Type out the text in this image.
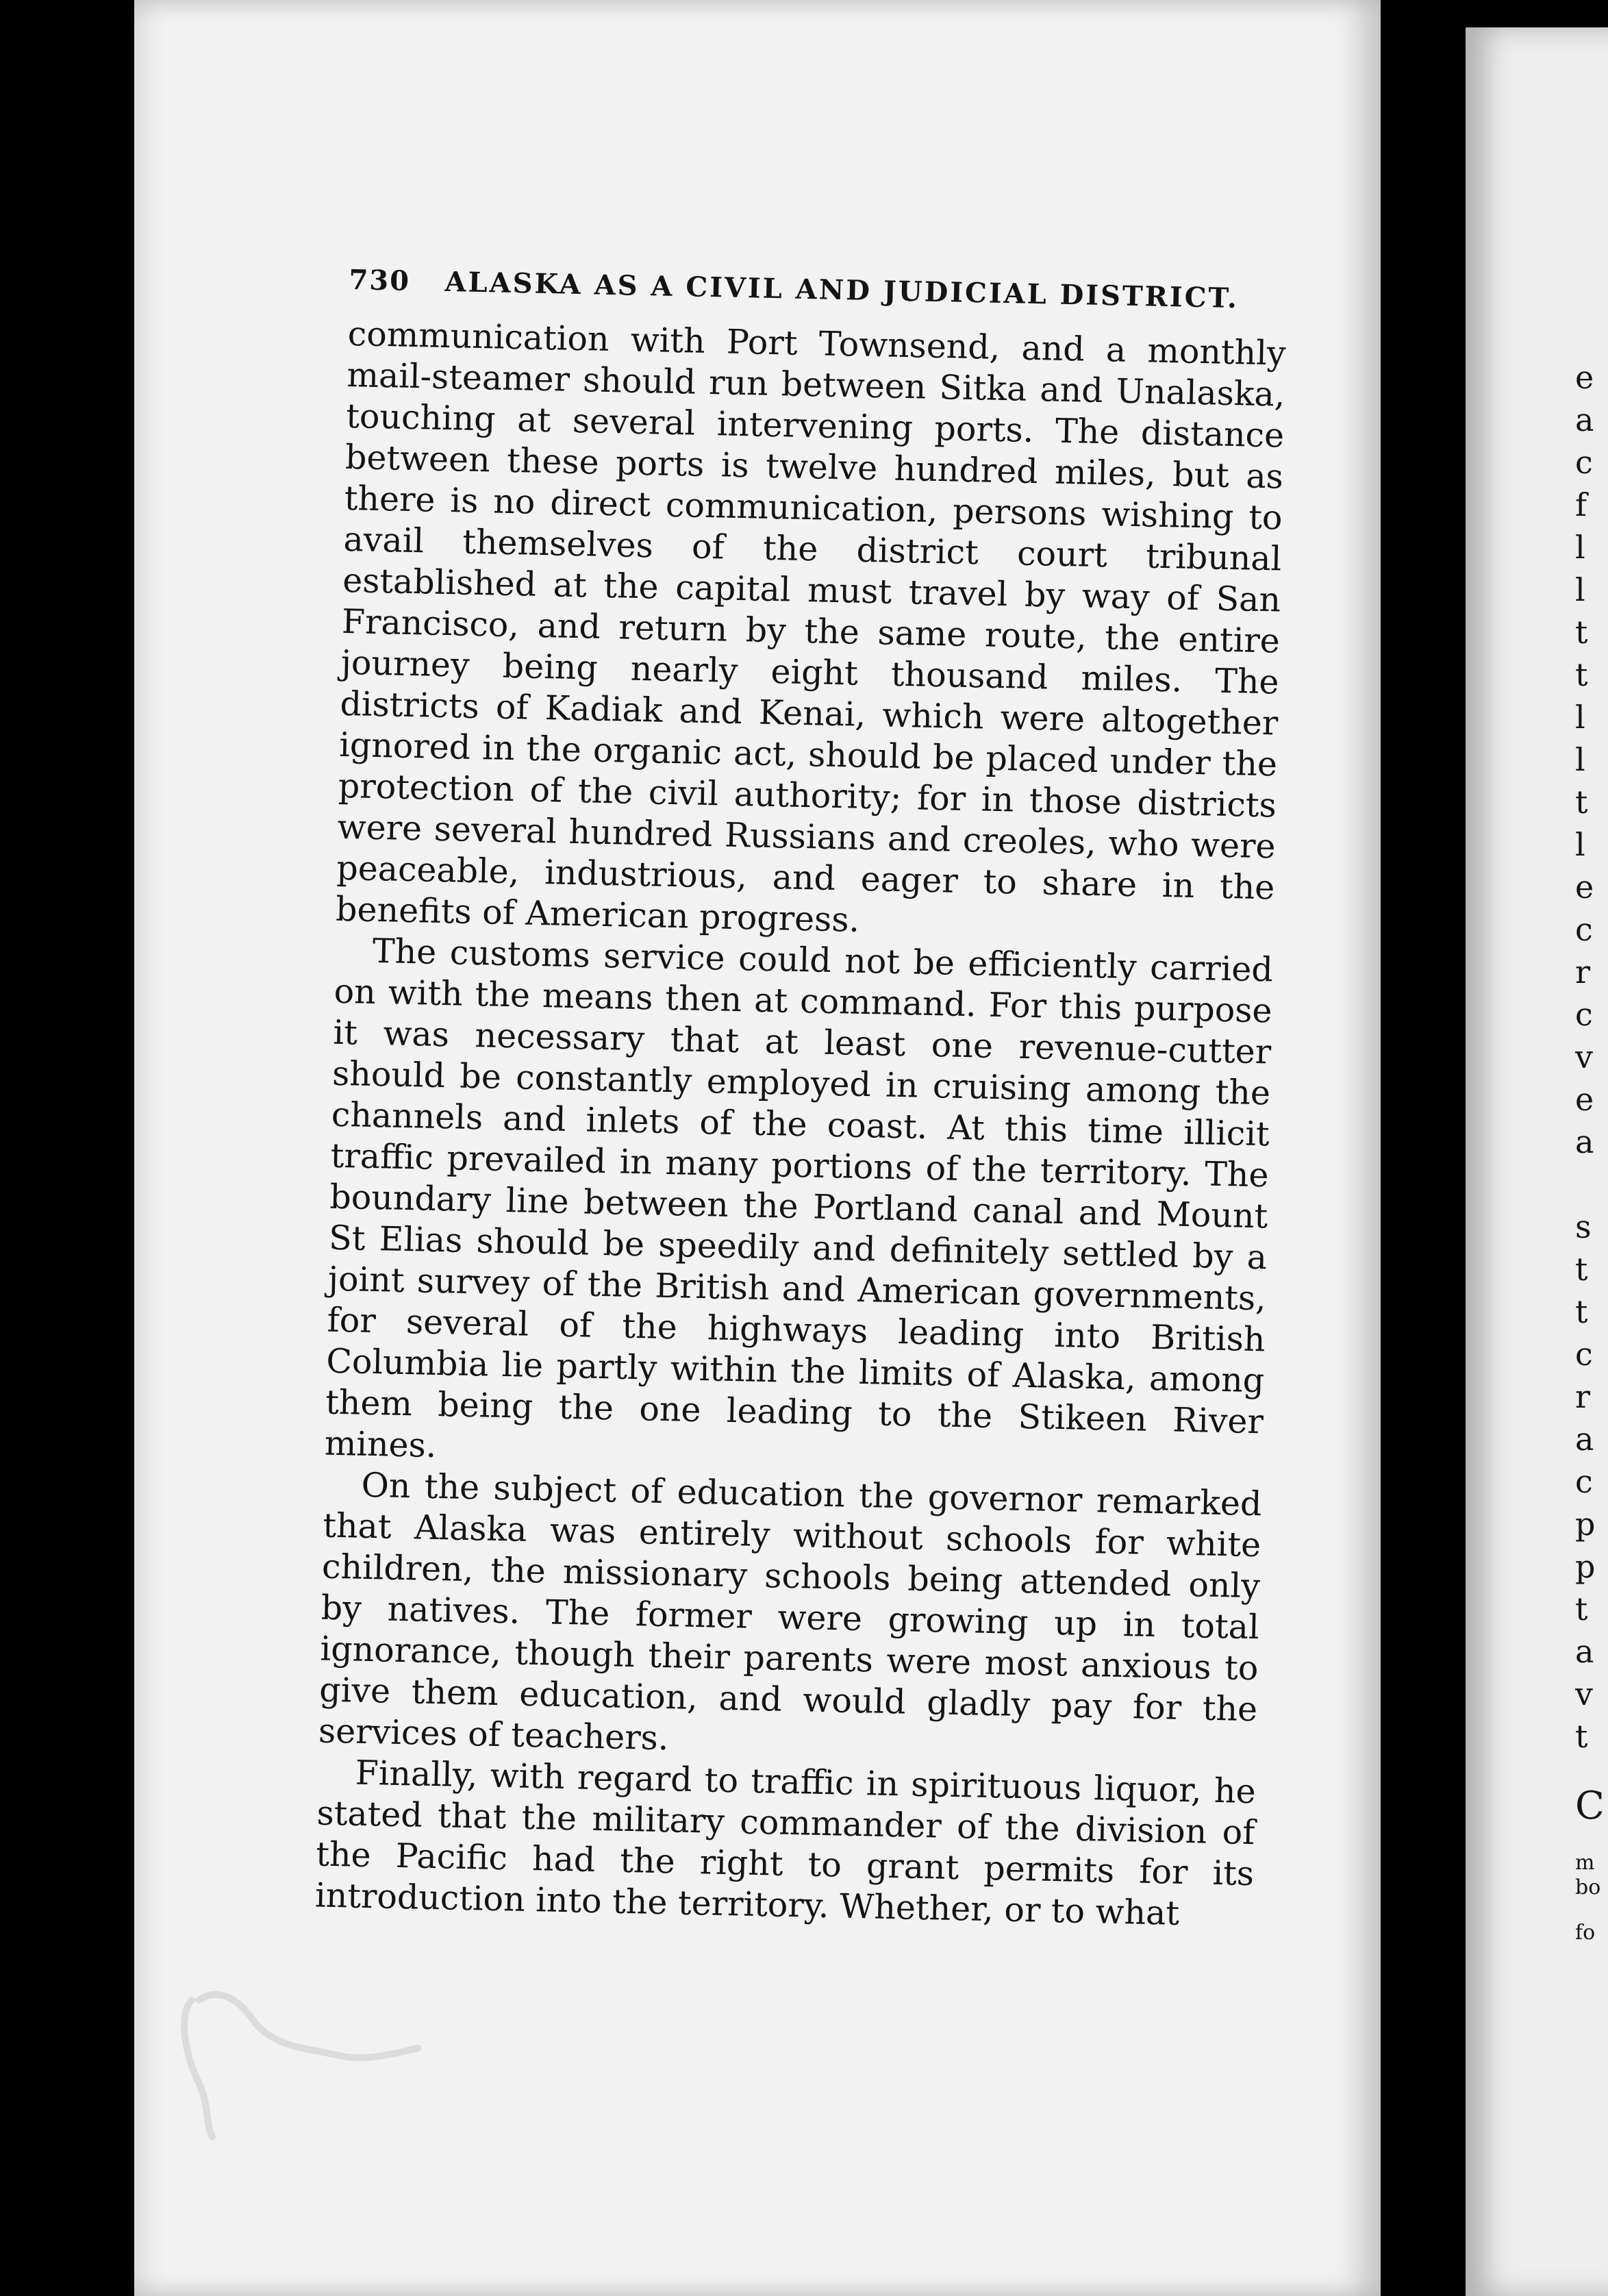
730	ALASKA AS A CIVIL AND JUDICIAL DISTRICT.

communication with Port Townsend, and a monthly mail-steamer should run between Sitka and Unalaska, touching at several intervening ports. The distance between these ports is twelve hundred miles, but as there is no direct communication, persons wishing to avail themselves of the district court tribunal established at the capital must travel by way of San Francisco, and return by the same route, the entire journey being nearly eight thousand miles. The districts of Kadiak and Kenai, which were altogether ignored in the organic act, should be placed under the protection of the civil authority; for in those districts were several hundred Russians and creoles, who were peaceable, industrious, and eager to share in the benefits of American progress.

The customs service could not be efficiently carried on with the means then at command. For this purpose it was necessary that at least one revenue-cutter should be constantly employed in cruising among the channels and inlets of the coast. At this time illicit traffic prevailed in many portions of the territory. The boundary line between the Portland canal and Mount St Elias should be speedily and definitely settled by a joint survey of the British and American governments, for several of the highways leading into British Columbia lie partly within the limits of Alaska, among them being the one leading to the Stikeen River mines.

On the subject of education the governor remarked that Alaska was entirely without schools for white children, the missionary schools being attended only by natives. The former were growing up in total ignorance, though their parents were most anxious to give them education, and would gladly pay for the services of teachers.

Finally, with regard to traffic in spirituous liquor, he stated that the military commander of the division of the Pacific had the right to grant permits for its introduction into the territory. Whether, or to what

e
a
c
f
l
l
t
t
l
l
t
l
e
c
r
c
v
e
a
s
t
t
c
r
a
c
p
p
t
a
v
t
C
m
bo
fo
